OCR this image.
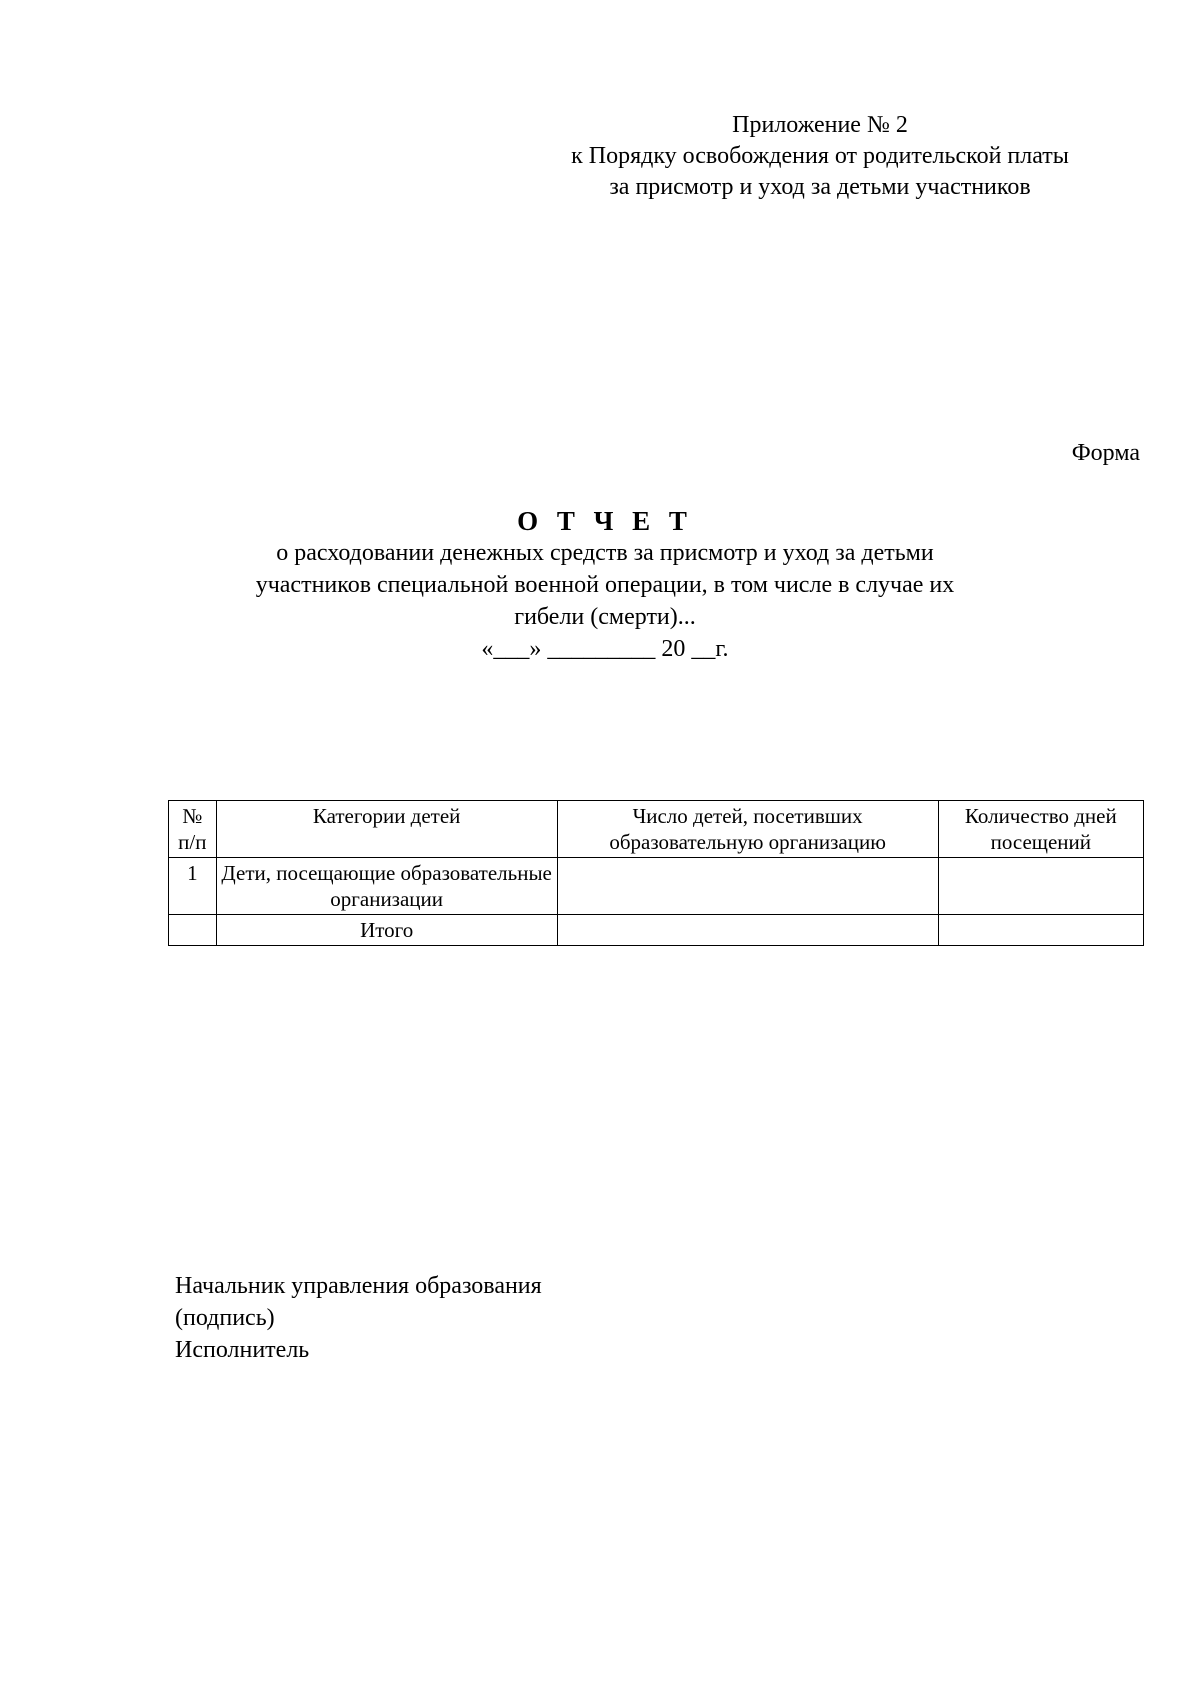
Приложение № 2
к Порядку освобождения от родительской платы
за присмотр и уход за детьми участников
Форма
О Т Ч Е Т
о расходовании денежных средств за присмотр и уход за детьми участников специальной военной операции, в том числе в случае их гибели (смерти)...
«___» _________ 20 __г.
№ п/п	Категории детей	Число детей, посетивших образовательную организацию	Количество дней посещений
1	Дети, посещающие образовательные организации		
	Итого		
Начальник управления образования
(подпись)
Исполнитель
